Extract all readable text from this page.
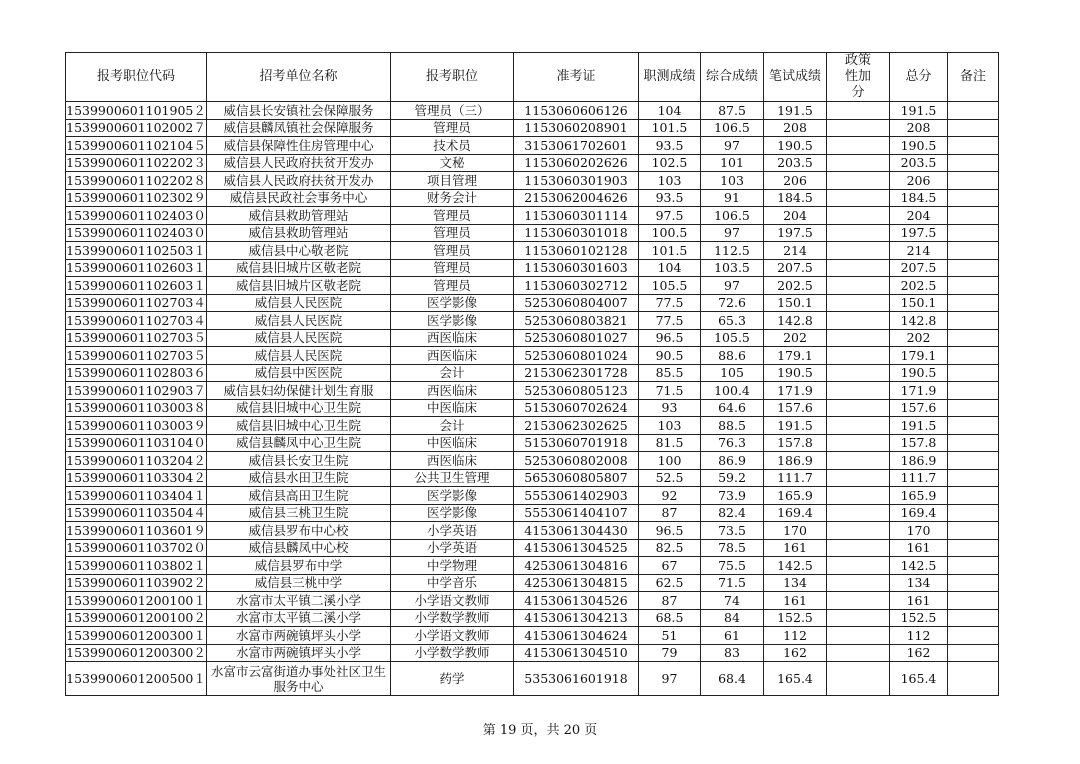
报考职位代码	招考单位名称	报考职位	准考证	职测成绩	综合成绩	笔试成绩	政策性加分	总分	备注
1539900601101905２	威信县长安镇社会保障服务	管理员（三）	1153060606126	104	87.5	191.5		191.5	
1539900601102002７	威信县麟凤镇社会保障服务	管理员	1153060208901	101.5	106.5	208		208	
1539900601102104５	威信县保障性住房管理中心	技术员	3153061702601	93.5	97	190.5		190.5	
1539900601102202３	威信县人民政府扶贫开发办	文秘	1153060202626	102.5	101	203.5		203.5	
1539900601102202８	威信县人民政府扶贫开发办	项目管理	1153060301903	103	103	206		206	
1539900601102302９	威信县民政社会事务中心	财务会计	2153062004626	93.5	91	184.5		184.5	
1539900601102403０	威信县救助管理站	管理员	1153060301114	97.5	106.5	204		204	
1539900601102403０	威信县救助管理站	管理员	1153060301018	100.5	97	197.5		197.5	
1539900601102503１	威信县中心敬老院	管理员	1153060102128	101.5	112.5	214		214	
1539900601102603１	威信县旧城片区敬老院	管理员	1153060301603	104	103.5	207.5		207.5	
1539900601102603１	威信县旧城片区敬老院	管理员	1153060302712	105.5	97	202.5		202.5	
1539900601102703４	威信县人民医院	医学影像	5253060804007	77.5	72.6	150.1		150.1	
1539900601102703４	威信县人民医院	医学影像	5253060803821	77.5	65.3	142.8		142.8	
1539900601102703５	威信县人民医院	西医临床	5253060801027	96.5	105.5	202		202	
1539900601102703５	威信县人民医院	西医临床	5253060801024	90.5	88.6	179.1		179.1	
1539900601102803６	威信县中医医院	会计	2153062301728	85.5	105	190.5		190.5	
1539900601102903７	威信县妇幼保健计划生育服	西医临床	5253060805123	71.5	100.4	171.9		171.9	
1539900601103003８	威信县旧城中心卫生院	中医临床	5153060702624	93	64.6	157.6		157.6	
1539900601103003９	威信县旧城中心卫生院	会计	2153062302625	103	88.5	191.5		191.5	
1539900601103104０	威信县麟凤中心卫生院	中医临床	5153060701918	81.5	76.3	157.8		157.8	
1539900601103204２	威信县长安卫生院	西医临床	5253060802008	100	86.9	186.9		186.9	
1539900601103304２	威信县水田卫生院	公共卫生管理	5653060805807	52.5	59.2	111.7		111.7	
1539900601103404１	威信县高田卫生院	医学影像	5553061402903	92	73.9	165.9		165.9	
1539900601103504４	威信县三桃卫生院	医学影像	5553061404107	87	82.4	169.4		169.4	
1539900601103601９	威信县罗布中心校	小学英语	4153061304430	96.5	73.5	170		170	
1539900601103702０	威信县麟凤中心校	小学英语	4153061304525	82.5	78.5	161		161	
1539900601103802１	威信县罗布中学	中学物理	4253061304816	67	75.5	142.5		142.5	
1539900601103902２	威信县三桃中学	中学音乐	4253061304815	62.5	71.5	134		134	
1539900601200100１	水富市太平镇二溪小学	小学语文教师	4153061304526	87	74	161		161	
1539900601200100２	水富市太平镇二溪小学	小学数学教师	4153061304213	68.5	84	152.5		152.5	
1539900601200300１	水富市两碗镇坪头小学	小学语文教师	4153061304624	51	61	112		112	
1539900601200300２	水富市两碗镇坪头小学	小学数学教师	4153061304510	79	83	162		162	
1539900601200500１	水富市云富街道办事处社区卫生服务中心	药学	5353061601918	97	68.4	165.4		165.4	
第 19 页，共 20 页
